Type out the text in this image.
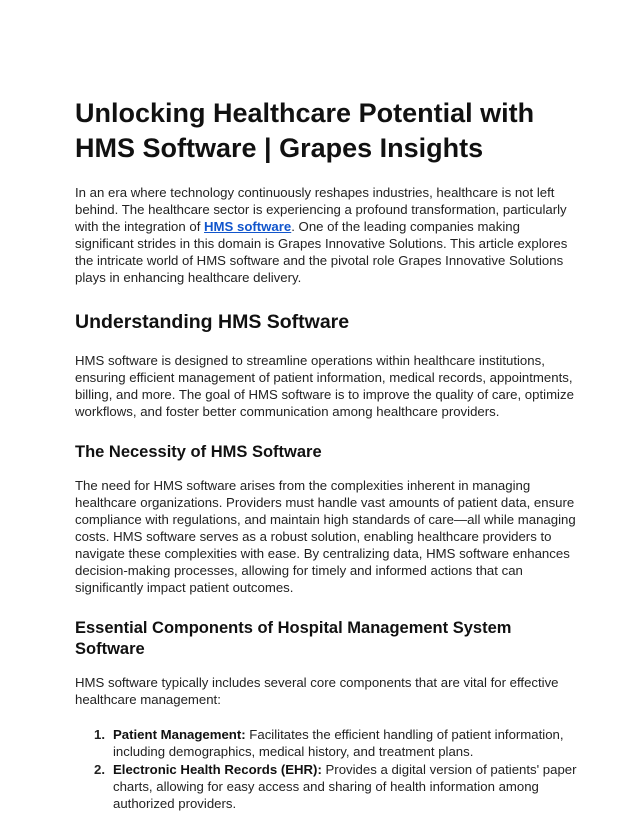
Unlocking Healthcare Potential with HMS Software | Grapes Insights

In an era where technology continuously reshapes industries, healthcare is not left behind. The healthcare sector is experiencing a profound transformation, particularly with the integration of HMS software. One of the leading companies making significant strides in this domain is Grapes Innovative Solutions. This article explores the intricate world of HMS software and the pivotal role Grapes Innovative Solutions plays in enhancing healthcare delivery.

Understanding HMS Software

HMS software is designed to streamline operations within healthcare institutions, ensuring efficient management of patient information, medical records, appointments, billing, and more. The goal of HMS software is to improve the quality of care, optimize workflows, and foster better communication among healthcare providers.

The Necessity of HMS Software

The need for HMS software arises from the complexities inherent in managing healthcare organizations. Providers must handle vast amounts of patient data, ensure compliance with regulations, and maintain high standards of care—all while managing costs. HMS software serves as a robust solution, enabling healthcare providers to navigate these complexities with ease. By centralizing data, HMS software enhances decision-making processes, allowing for timely and informed actions that can significantly impact patient outcomes.

Essential Components of Hospital Management System Software

HMS software typically includes several core components that are vital for effective healthcare management:

1. Patient Management: Facilitates the efficient handling of patient information, including demographics, medical history, and treatment plans.
2. Electronic Health Records (EHR): Provides a digital version of patients' paper charts, allowing for easy access and sharing of health information among authorized providers.
